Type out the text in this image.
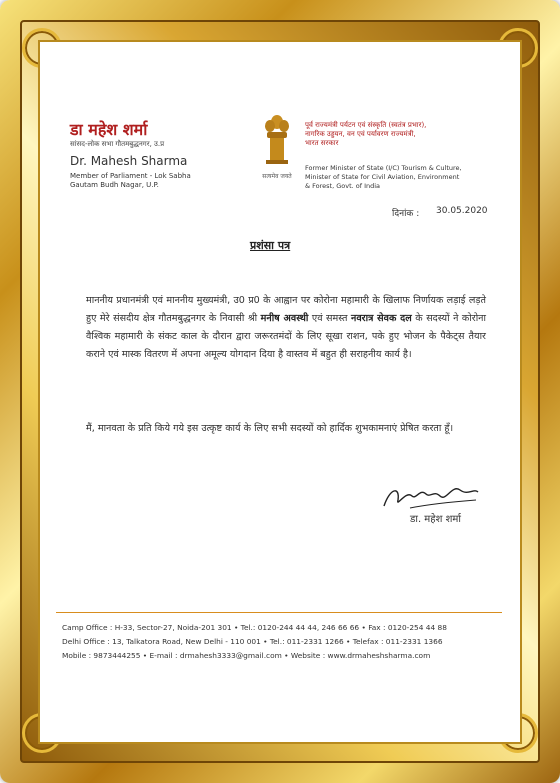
डा महेश शर्मा
सांसद-लोक सभा गौतमबुद्धनगर, उ.प्र
Dr. Mahesh Sharma
Member of Parliament - Lok Sabha
Gautam Budh Nagar, U.P.
सत्यमेव जयते
पूर्व राज्यमंत्री पर्यटन एवं संस्कृति (स्वतंत्र प्रभार),
नागरिक उड्डयन, वन एवं पर्यावरण राज्यमंत्री,
भारत सरकार
Former Minister of State (I/C) Tourism & Culture,
Minister of State for Civil Aviation, Environment
& Forest, Govt. of India
दिनांक : 30.05.2020
प्रशंसा पत्र
माननीय प्रधानमंत्री एवं माननीय मुख्यमंत्री, उ0 प्र0 के आह्वान पर कोरोना महामारी के खिलाफ निर्णायक लड़ाई लड़ते हुए मेरे संसदीय क्षेत्र गौतमबुद्धनगर के निवासी श्री मनीष अवस्थी एवं समस्त नवरात्र सेवक दल के सदस्यों ने कोरोना वैश्विक महामारी के संकट काल के दौरान द्वारा जरूरतमंदों के लिए सूखा राशन, पके हुए भोजन के पैकेट्स तैयार कराने एवं मास्क वितरण में अपना अमूल्य योगदान दिया है वास्तव में बहुत ही सराहनीय कार्य है।
मैं, मानवता के प्रति किये गये इस उत्कृष्ट कार्य के लिए सभी सदस्यों को हार्दिक शुभकामनाएं प्रेषित करता हूँ।
डा. महेश शर्मा
Camp Office : H-33, Sector-27, Noida-201 301 • Tel.: 0120-244 44 44, 246 66 66 • Fax : 0120-254 44 88
Delhi Office : 13, Talkatora Road, New Delhi - 110 001 • Tel.: 011-2331 1266 • Telefax : 011-2331 1366
Mobile : 9873444255 • E-mail : drmahesh3333@gmail.com • Website : www.drmaheshsharma.com
